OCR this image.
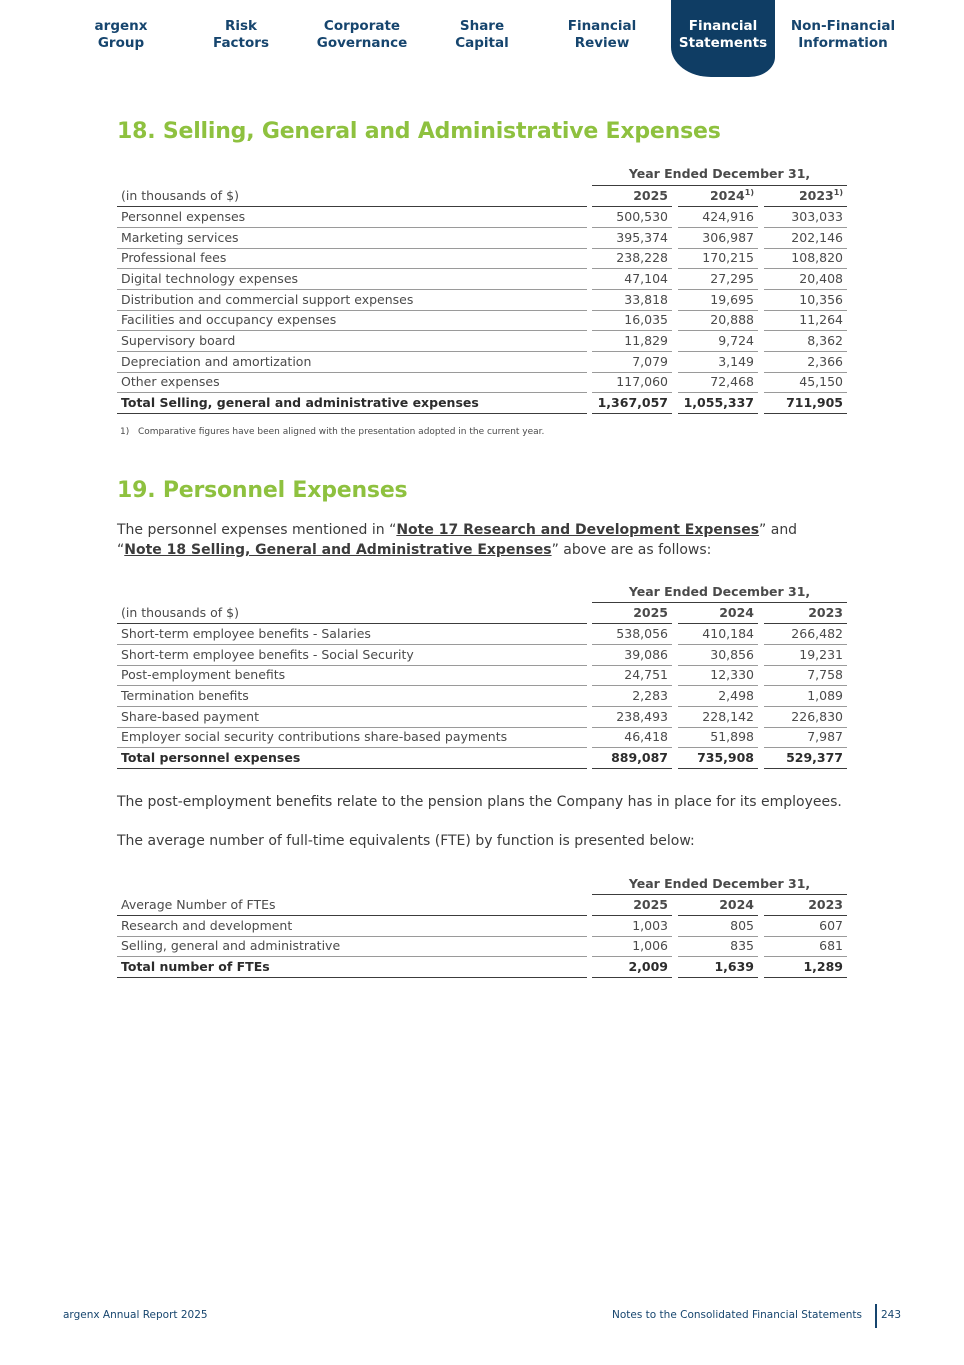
argenx
Group
Risk
Factors
Corporate
Governance
Share
Capital
Financial
Review
Financial
Statements
Non-Financial
Information
18. Selling, General and Administrative Expenses
Year Ended December 31,
(in thousands of $)	2025	2024$^{1)}$	2023$^{1)}$
Personnel expenses	500,530	424,916	303,033
Marketing services	395,374	306,987	202,146
Professional fees	238,228	170,215	108,820
Digital technology expenses	47,104	27,295	20,408
Distribution and commercial support expenses	33,818	19,695	10,356
Facilities and occupancy expenses	16,035	20,888	11,264
Supervisory board	11,829	9,724	8,362
Depreciation and amortization	7,079	3,149	2,366
Other expenses	117,060	72,468	45,150
Total Selling, general and administrative expenses	1,367,057	1,055,337	711,905
1) Comparative figures have been aligned with the presentation adopted in the current year.
19. Personnel Expenses
The personnel expenses mentioned in “Note 17 Research and Development Expenses” and
“Note 18 Selling, General and Administrative Expenses” above are as follows:
Year Ended December 31,
(in thousands of $)	2025	2024	2023
Short-term employee benefits - Salaries	538,056	410,184	266,482
Short-term employee benefits - Social Security	39,086	30,856	19,231
Post-employment benefits	24,751	12,330	7,758
Termination benefits	2,283	2,498	1,089
Share-based payment	238,493	228,142	226,830
Employer social security contributions share-based payments	46,418	51,898	7,987
Total personnel expenses	889,087	735,908	529,377
The post-employment benefits relate to the pension plans the Company has in place for its employees.
The average number of full-time equivalents (FTE) by function is presented below:
Year Ended December 31,
Average Number of FTEs	2025	2024	2023
Research and development	1,003	805	607
Selling, general and administrative	1,006	835	681
Total number of FTEs	2,009	1,639	1,289
argenx Annual Report 2025	Notes to the Consolidated Financial Statements 243
